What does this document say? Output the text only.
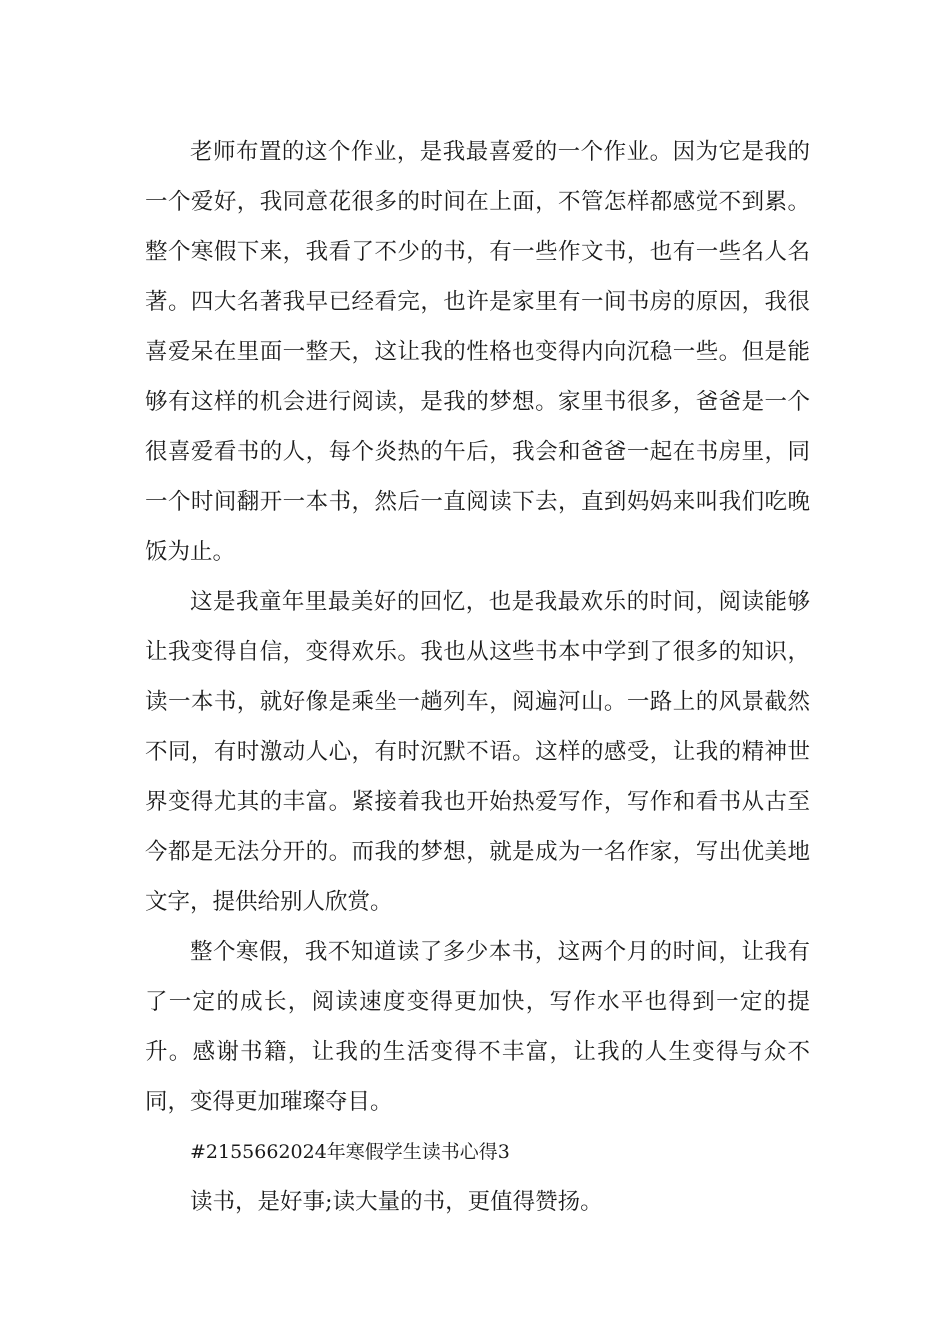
老师布置的这个作业，是我最喜爱的一个作业。因为它是我的一个爱好，我同意花很多的时间在上面，不管怎样都感觉不到累。整个寒假下来，我看了不少的书，有一些作文书，也有一些名人名著。四大名著我早已经看完，也许是家里有一间书房的原因，我很喜爱呆在里面一整天，这让我的性格也变得内向沉稳一些。但是能够有这样的机会进行阅读，是我的梦想。家里书很多，爸爸是一个很喜爱看书的人，每个炎热的午后，我会和爸爸一起在书房里，同一个时间翻开一本书，然后一直阅读下去，直到妈妈来叫我们吃晚饭为止。

这是我童年里最美好的回忆，也是我最欢乐的时间，阅读能够让我变得自信，变得欢乐。我也从这些书本中学到了很多的知识，读一本书，就好像是乘坐一趟列车，阅遍河山。一路上的风景截然不同，有时激动人心，有时沉默不语。这样的感受，让我的精神世界变得尤其的丰富。紧接着我也开始热爱写作，写作和看书从古至今都是无法分开的。而我的梦想，就是成为一名作家，写出优美地文字，提供给别人欣赏。

整个寒假，我不知道读了多少本书，这两个月的时间，让我有了一定的成长，阅读速度变得更加快，写作水平也得到一定的提升。感谢书籍，让我的生活变得不丰富，让我的人生变得与众不同，变得更加璀璨夺目。

#2155662024年寒假学生读书心得3

读书，是好事;读大量的书，更值得赞扬。
